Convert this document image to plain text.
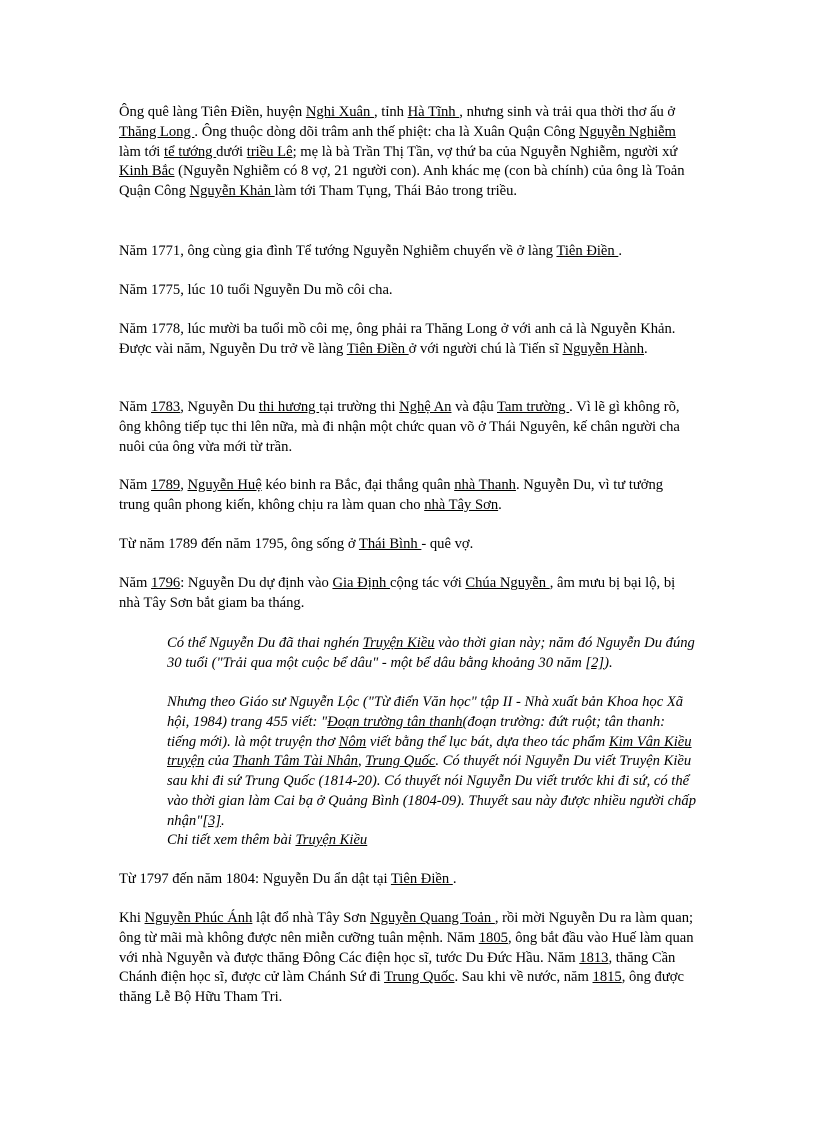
Ông quê làng Tiên Điền, huyện Nghi Xuân , tỉnh Hà Tĩnh , nhưng sinh và trải qua thời thơ ấu ở Thăng Long . Ông thuộc dòng dõi trâm anh thế phiệt: cha là Xuân Quận Công Nguyễn Nghiễm làm tới tể tướng dưới triều Lê; mẹ là bà Trần Thị Tần, vợ thứ ba của Nguyễn Nghiễm, người xứ Kinh Bắc (Nguyễn Nghiễm có 8 vợ, 21 người con). Anh khác mẹ (con bà chính) của ông là Toản Quận Công Nguyễn Khản làm tới Tham Tụng, Thái Bảo trong triều.

Năm 1771, ông cùng gia đình Tể tướng Nguyễn Nghiễm chuyển về ở làng Tiên Điền .

Năm 1775, lúc 10 tuổi Nguyễn Du mồ côi cha.

Năm 1778, lúc mười ba tuổi mồ côi mẹ, ông phải ra Thăng Long ở với anh cả là Nguyễn Khản. Được vài năm, Nguyễn Du trở về làng Tiên Điền ở với người chú là Tiến sĩ Nguyễn Hành.

Năm 1783, Nguyễn Du thi hương tại trường thi Nghệ An và đậu Tam trường . Vì lẽ gì không rõ, ông không tiếp tục thi lên nữa, mà đi nhận một chức quan võ ở Thái Nguyên, kế chân người cha nuôi của ông vừa mới từ trần.

Năm 1789, Nguyễn Huệ kéo binh ra Bắc, đại thắng quân nhà Thanh. Nguyễn Du, vì tư tưởng trung quân phong kiến, không chịu ra làm quan cho nhà Tây Sơn.

Từ năm 1789 đến năm 1795, ông sống ở Thái Bình - quê vợ.

Năm 1796: Nguyễn Du dự định vào Gia Định cộng tác với Chúa Nguyễn , âm mưu bị bại lộ, bị nhà Tây Sơn bắt giam ba tháng.

Có thể Nguyễn Du đã thai nghén Truyện Kiều vào thời gian này; năm đó Nguyễn Du đúng 30 tuổi ("Trải qua một cuộc bể dâu" - một bể dâu bằng khoảng 30 năm [2]).

Nhưng theo Giáo sư Nguyễn Lộc ("Từ điển Văn học" tập II - Nhà xuất bản Khoa học Xã hội, 1984) trang 455 viết: "Đoạn trường tân thanh(đoạn trường: đứt ruột; tân thanh: tiếng mới). là một truyện thơ Nôm viết bằng thể lục bát, dựa theo tác phẩm Kim Vân Kiều truyện của Thanh Tâm Tài Nhân, Trung Quốc. Có thuyết nói Nguyễn Du viết Truyện Kiều sau khi đi sứ Trung Quốc (1814-20). Có thuyết nói Nguyễn Du viết trước khi đi sứ, có thể vào thời gian làm Cai bạ ở Quảng Bình (1804-09). Thuyết sau này được nhiều người chấp nhận"[3].

Chi tiết xem thêm bài Truyện Kiều

Từ 1797 đến năm 1804: Nguyễn Du ẩn dật tại Tiên Điền .

Khi Nguyễn Phúc Ánh lật đổ nhà Tây Sơn Nguyễn Quang Toản , rồi mời Nguyễn Du ra làm quan; ông từ mãi mà không được nên miễn cưỡng tuân mệnh. Năm 1805, ông bắt đầu vào Huế làm quan với nhà Nguyễn và được thăng Đông Các điện học sĩ, tước Du Đức Hầu. Năm 1813, thăng Cần Chánh điện học sĩ, được cử làm Chánh Sứ đi Trung Quốc. Sau khi về nước, năm 1815, ông được thăng Lễ Bộ Hữu Tham Tri.
